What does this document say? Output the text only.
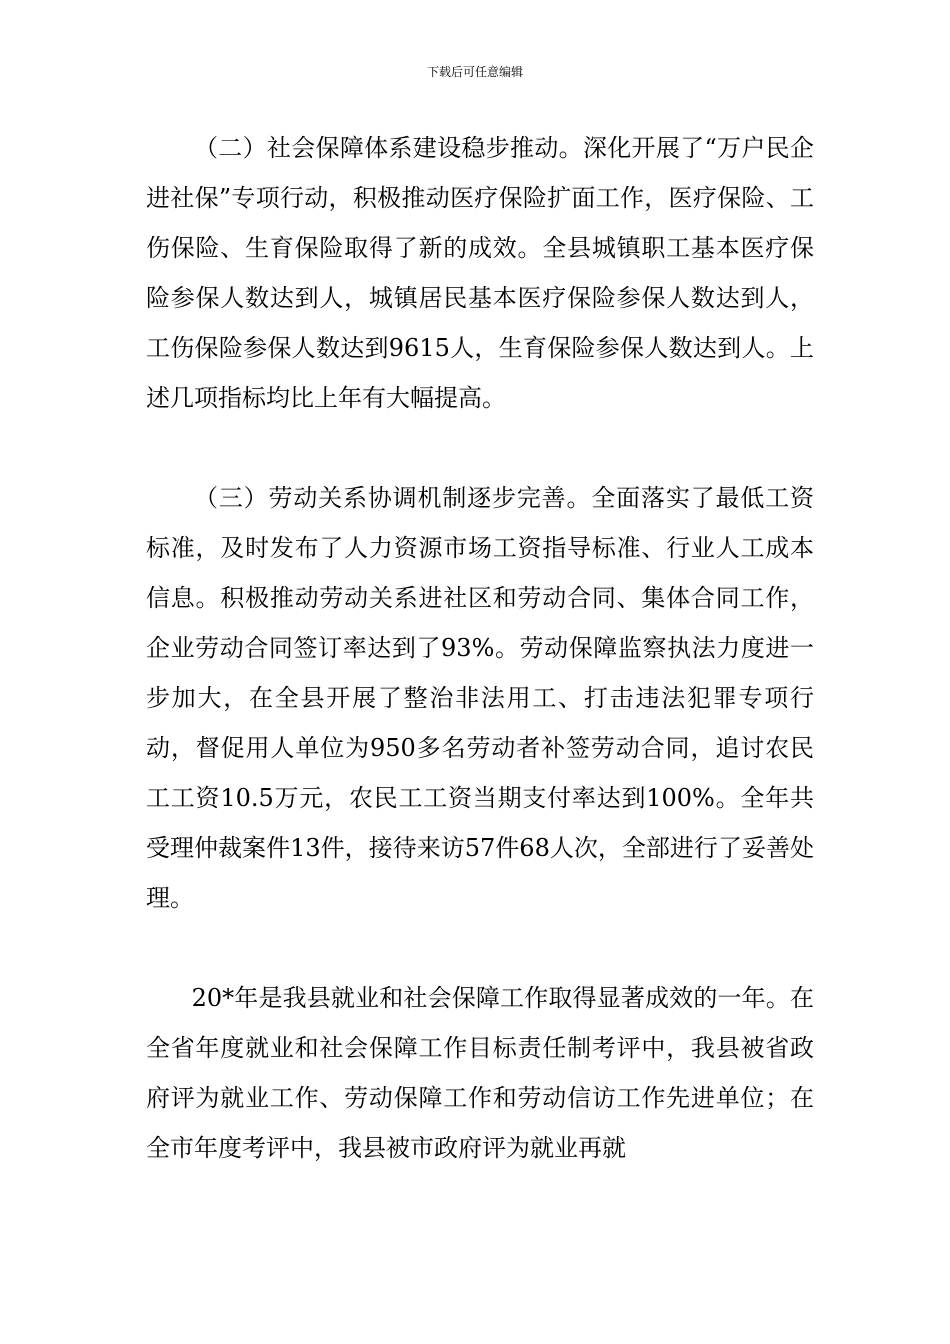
下载后可任意编辑

（二）社会保障体系建设稳步推动。深化开展了“万户民企进社保”专项行动，积极推动医疗保险扩面工作，医疗保险、工伤保险、生育保险取得了新的成效。全县城镇职工基本医疗保险参保人数达到人，城镇居民基本医疗保险参保人数达到人，工伤保险参保人数达到9615人，生育保险参保人数达到人。上述几项指标均比上年有大幅提高。

（三）劳动关系协调机制逐步完善。全面落实了最低工资标准，及时发布了人力资源市场工资指导标准、行业人工成本信息。积极推动劳动关系进社区和劳动合同、集体合同工作，企业劳动合同签订率达到了93%。劳动保障监察执法力度进一步加大，在全县开展了整治非法用工、打击违法犯罪专项行动，督促用人单位为950多名劳动者补签劳动合同，追讨农民工工资10.5万元，农民工工资当期支付率达到100%。全年共受理仲裁案件13件，接待来访57件68人次，全部进行了妥善处理。

20*年是我县就业和社会保障工作取得显著成效的一年。在全省年度就业和社会保障工作目标责任制考评中，我县被省政府评为就业工作、劳动保障工作和劳动信访工作先进单位；在全市年度考评中，我县被市政府评为就业再就
